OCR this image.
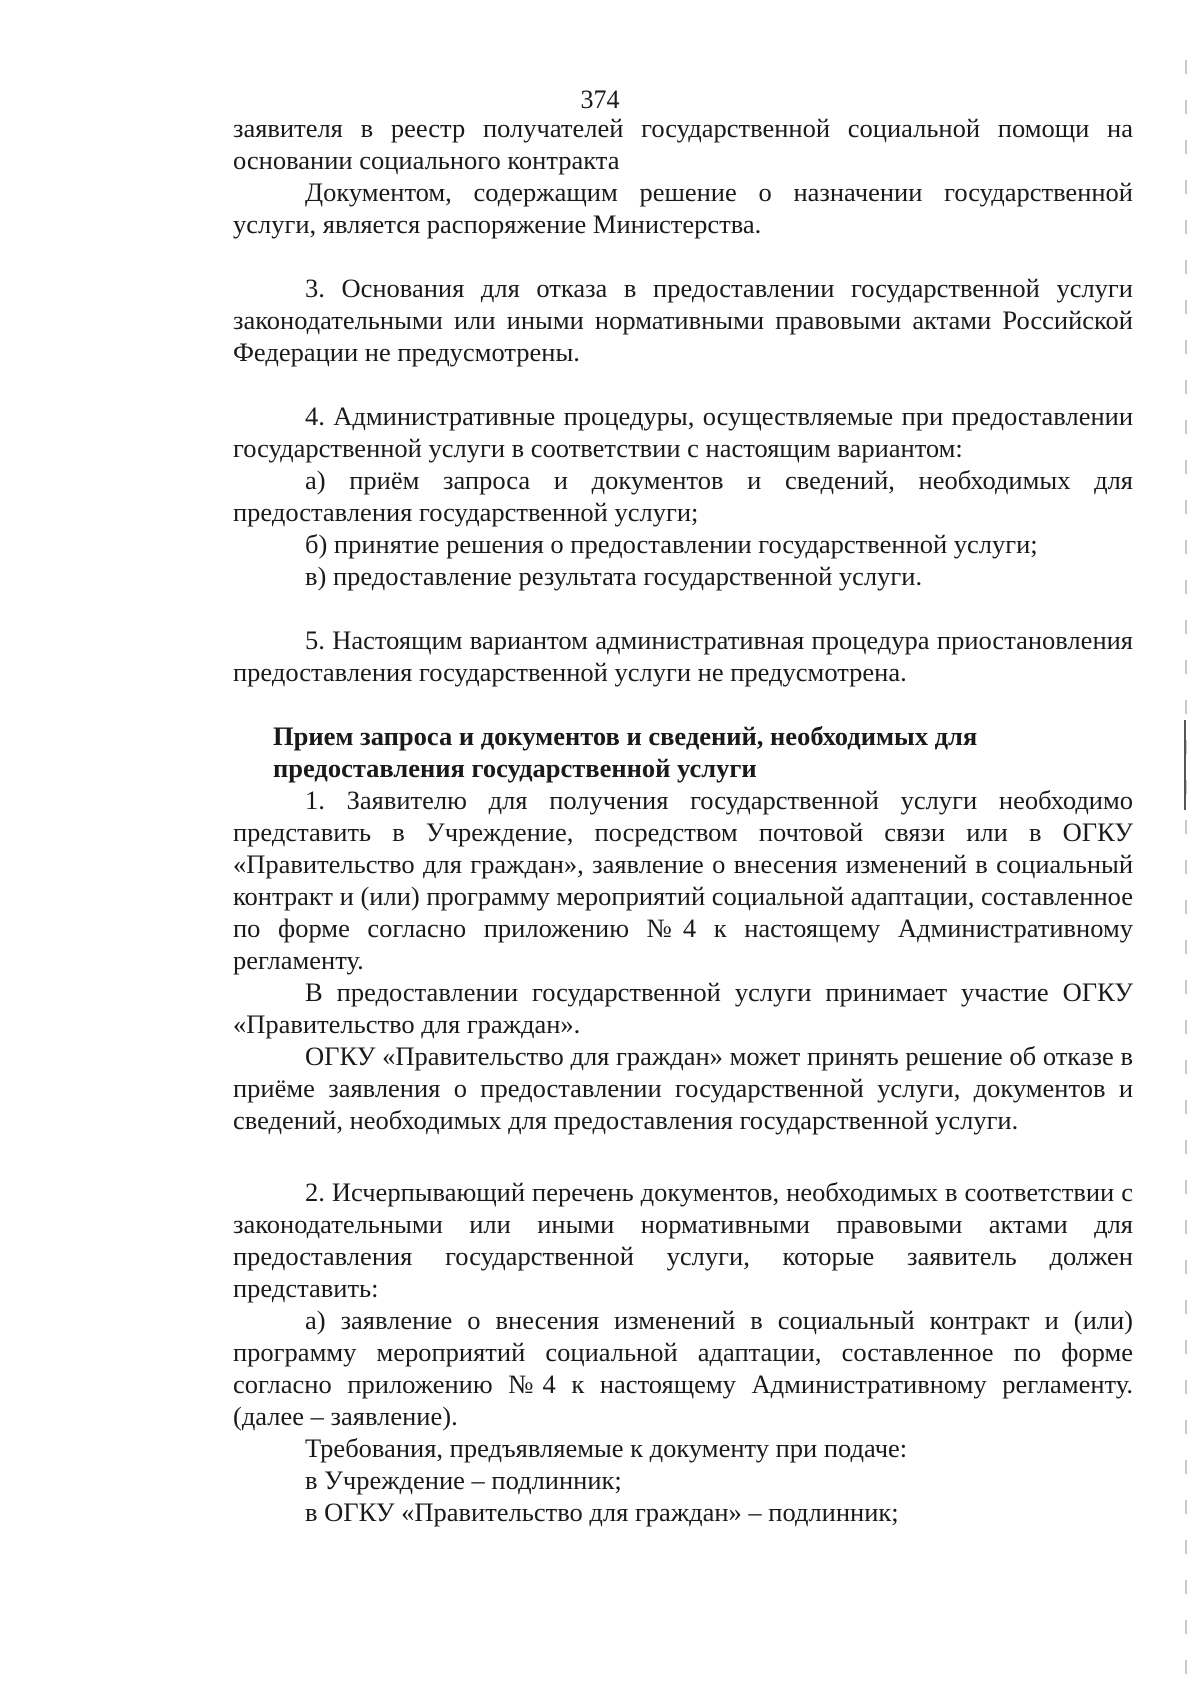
374

заявителя в реестр получателей государственной социальной помощи на основании социального контракта

Документом, содержащим решение о назначении государственной услуги, является распоряжение Министерства.

3. Основания для отказа в предоставлении государственной услуги законодательными или иными нормативными правовыми актами Российской Федерации не предусмотрены.

4. Административные процедуры, осуществляемые при предоставлении государственной услуги в соответствии с настоящим вариантом:

а) приём запроса и документов и сведений, необходимых для предоставления государственной услуги;

б) принятие решения о предоставлении государственной услуги;

в) предоставление результата государственной услуги.

5. Настоящим вариантом административная процедура приостановления предоставления государственной услуги не предусмотрена.

Прием запроса и документов и сведений, необходимых для

предоставления государственной услуги

1. Заявителю для получения государственной услуги необходимо представить в Учреждение, посредством почтовой связи или в ОГКУ «Правительство для граждан», заявление о внесения изменений в социальный контракт и (или) программу мероприятий социальной адаптации, составленное по форме согласно приложению №4 к настоящему Административному регламенту.

В предоставлении государственной услуги принимает участие ОГКУ «Правительство для граждан».

ОГКУ «Правительство для граждан» может принять решение об отказе в приёме заявления о предоставлении государственной услуги, документов и сведений, необходимых для предоставления государственной услуги.

2. Исчерпывающий перечень документов, необходимых в соответствии с законодательными или иными нормативными правовыми актами для предоставления государственной услуги, которые заявитель должен представить:

а) заявление о внесения изменений в социальный контракт и (или) программу мероприятий социальной адаптации, составленное по форме согласно приложению №4 к настоящему Административному регламенту.(далее – заявление).

Требования, предъявляемые к документу при подаче:

в Учреждение – подлинник;

в ОГКУ «Правительство для граждан» – подлинник;
